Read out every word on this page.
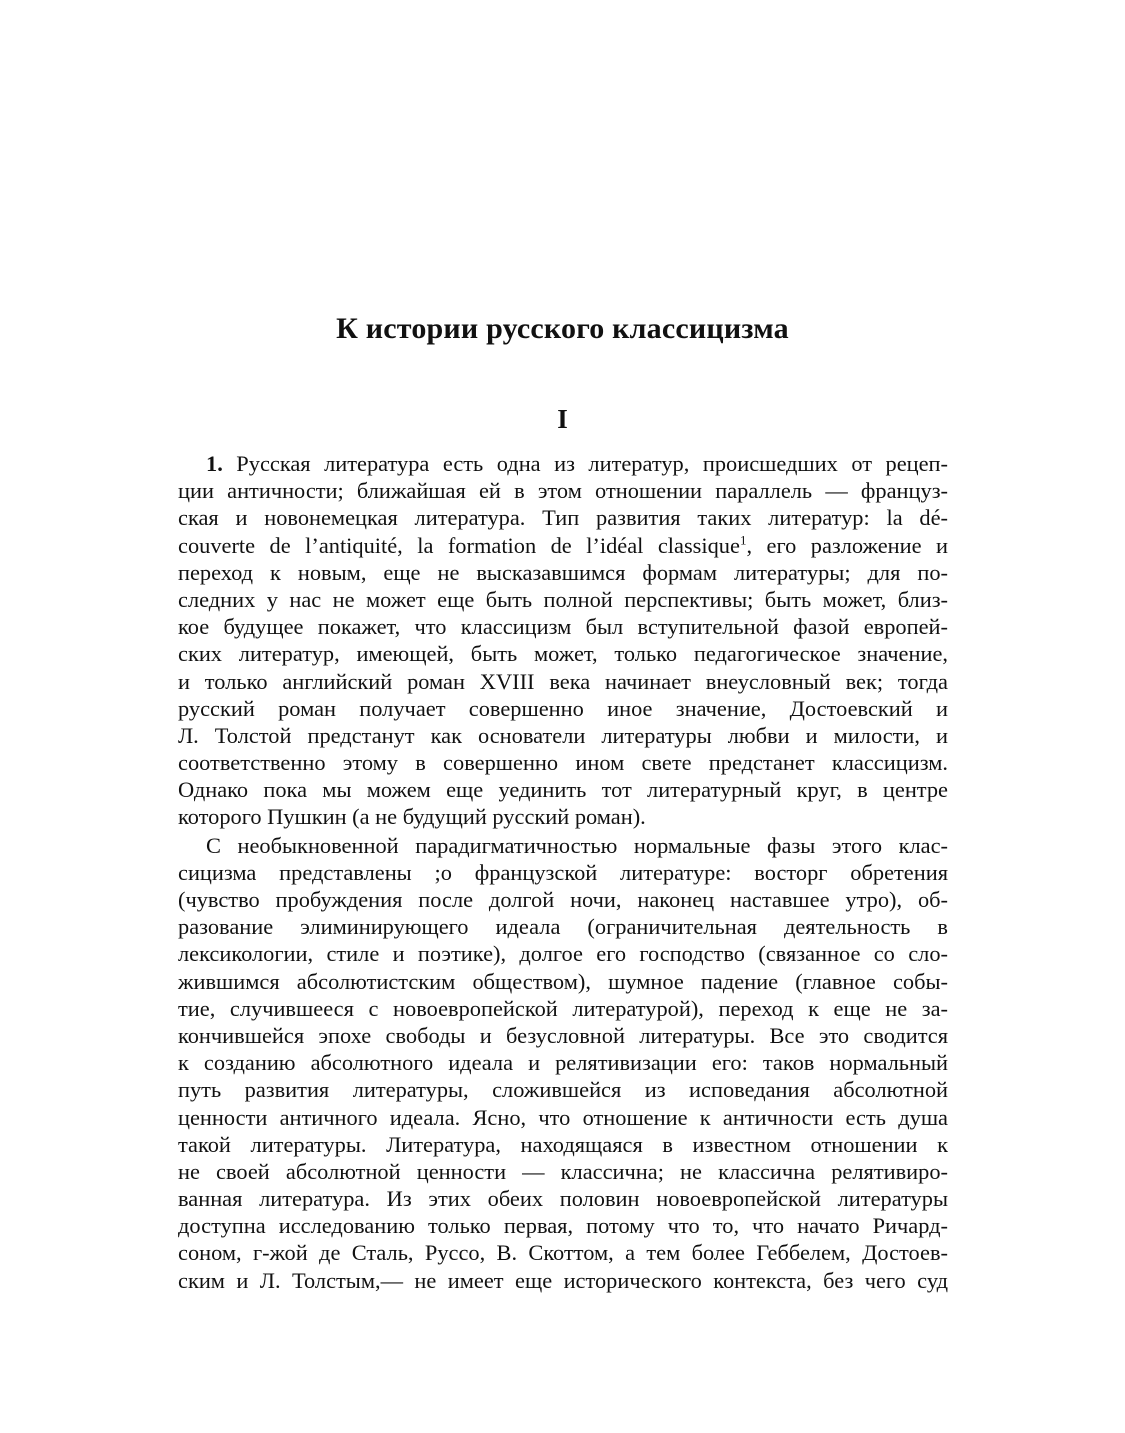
К истории русского классицизма
I
1. Русская литература есть одна из литератур, происшедших от рецеп-
ции античности; ближайшая ей в этом отношении параллель — француз-
ская и новонемецкая литература. Тип развития таких литератур: la dé-
couverte de l’antiquité, la formation de l’idéal classique$^1$, его разложение и
переход к новым, еще не высказавшимся формам литературы; для по-
следних у нас не может еще быть полной перспективы; быть может, близ-
кое будущее покажет, что классицизм был вступительной фазой европей-
ских литератур, имеющей, быть может, только педагогическое значение,
и только английский роман XVIII века начинает внеусловный век; тогда
русский роман получает совершенно иное значение, Достоевский и
Л. Толстой предстанут как основатели литературы любви и милости, и
соответственно этому в совершенно ином свете предстанет классицизм.
Однако пока мы можем еще уединить тот литературный круг, в центре
которого Пушкин (а не будущий русский роман).
С необыкновенной парадигматичностью нормальные фазы этого клас-
сицизма представлены ;о французской литературе: восторг обретения
(чувство пробуждения после долгой ночи, наконец наставшее утро), об-
разование элиминирующего идеала (ограничительная деятельность в
лексикологии, стиле и поэтике), долгое его господство (связанное со сло-
жившимся абсолютистским обществом), шумное падение (главное собы-
тие, случившееся с новоевропейской литературой), переход к еще не за-
кончившейся эпохе свободы и безусловной литературы. Все это сводится
к созданию абсолютного идеала и релятивизации его: таков нормальный
путь развития литературы, сложившейся из исповедания абсолютной
ценности античного идеала. Ясно, что отношение к античности есть душа
такой литературы. Литература, находящаяся в известном отношении к
не своей абсолютной ценности — классична; не классична релятивиро-
ванная литература. Из этих обеих половин новоевропейской литературы
доступна исследованию только первая, потому что то, что начато Ричард-
соном, г-жой де Сталь, Руссо, В. Скоттом, а тем более Геббелем, Достоев-
ским и Л. Толстым,— не имеет еще исторического контекста, без чего суд
